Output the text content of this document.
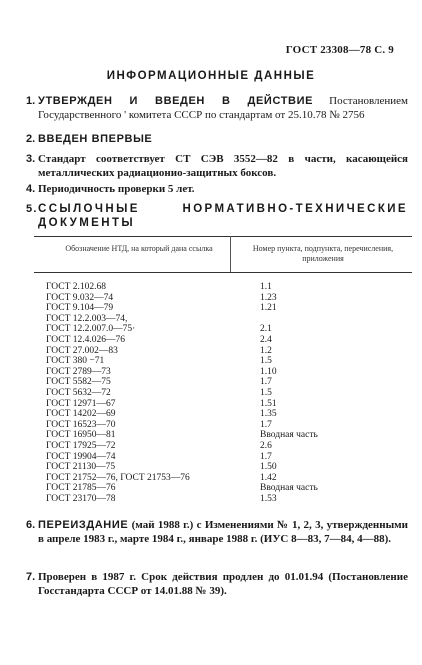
ГОСТ 23308—78 С. 9
ИНФОРМАЦИОННЫЕ ДАННЫЕ
1. УТВЕРЖДЕН И ВВЕДЕН В ДЕЙСТВИЕ Постановлением Государственного ' комитета СССР по стандартам от 25.10.78 № 2756
2. ВВЕДЕН ВПЕРВЫЕ
3. Стандарт соответствует СТ СЭВ 3552—82 в части, касающейся металлических радиационио-защитных боксов.
4. Периодичность проверки 5 лет.
5. ССЫЛОЧНЫЕ НОРМАТИВНО-ТЕХНИЧЕСКИЕ ДОКУМЕНТЫ
Обозначение НТД, на который дана ссылка	Номер пункта, подпункта, перечисления, приложения
ГОСТ 2.102.68	1.1
ГОСТ 9.032—74	1.23
ГОСТ 9.104—79	1.21
ГОСТ 12.2.003—74,
ГОСТ 12.2.007.0—75·	2.1
ГОСТ 12.4.026—76	2.4
ГОСТ 27.002—83	1.2
ГОСТ 380 −71	1.5
ГОСТ 2789—73	1.10
ГОСТ 5582—75	1.7
ГОСТ 5632—72	1.5
ГОСТ 12971—67	1.51
ГОСТ 14202—69	1.35
ГОСТ 16523—70	1.7
ГОСТ 16950—81	Вводная часть
ГОСТ 17925—72	2.6
ГОСТ 19904—74	1.7
ГОСТ 21130—75	1.50
ГОСТ 21752—76, ГОСТ 21753—76	1.42
ГОСТ 21785—76	Вводная часть
ГОСТ 23170—78	1.53
6. ПЕРЕИЗДАНИЕ (май 1988 г.) с Изменениями № 1, 2, 3, утвержденными в апреле 1983 г., марте 1984 г., январе 1988 г. (ИУС 8—83, 7—84, 4—88).
7. Проверен в 1987 г. Срок действия продлен до 01.01.94 (Постановление Госстандарта СССР от 14.01.88 № 39).
